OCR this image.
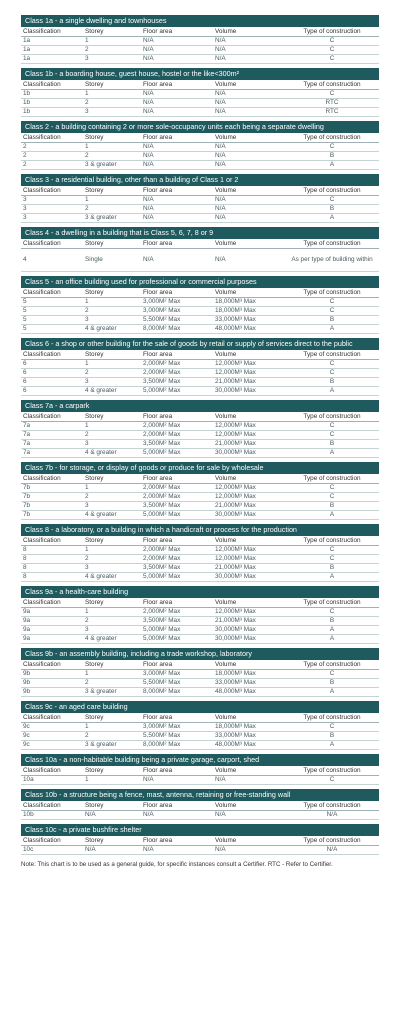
Class 1a - a single dwelling and townhouses
Classification	Storey	Floor area	Volume	Type of construction
1a	1	N/A	N/A	C
1a	2	N/A	N/A	C
1a	3	N/A	N/A	C
Class 1b - a boarding house, guest house, hostel or the like<300m²
Classification	Storey	Floor area	Volume	Type of construction
1b	1	N/A	N/A	C
1b	2	N/A	N/A	RTC
1b	3	N/A	N/A	RTC
Class 2 - a building containing 2 or more sole-occupancy units each being a separate dwelling
Classification	Storey	Floor area	Volume	Type of construction
2	1	N/A	N/A	C
2	2	N/A	N/A	B
2	3 & greater	N/A	N/A	A
Class 3 - a residential building, other than a building of Class 1 or 2
Classification	Storey	Floor area	Volume	Type of construction
3	1	N/A	N/A	C
3	2	N/A	N/A	B
3	3 & greater	N/A	N/A	A
Class 4 - a dwelling in a building that is Class 5, 6, 7, 8 or 9
Classification	Storey	Floor area	Volume	Type of construction
4	Single	N/A	N/A	As per type of building within
Class 5 - an office building used for professional or commercial purposes
Classification	Storey	Floor area	Volume	Type of construction
5	1	3,000M² Max	18,000M³ Max	C
5	2	3,000M² Max	18,000M³ Max	C
5	3	5,500M² Max	33,000M³ Max	B
5	4 & greater	8,000M² Max	48,000M³ Max	A
Class 6 - a shop or other building for the sale of goods by retail or supply of services direct to the public
Classification	Storey	Floor area	Volume	Type of construction
6	1	2,000M² Max	12,000M³ Max	C
6	2	2,000M² Max	12,000M³ Max	C
6	3	3,500M² Max	21,000M³ Max	B
6	4 & greater	5,000M² Max	30,000M³ Max	A
Class 7a - a carpark
Classification	Storey	Floor area	Volume	Type of construction
7a	1	2,000M² Max	12,000M³ Max	C
7a	2	2,000M² Max	12,000M³ Max	C
7a	3	3,500M² Max	21,000M³ Max	B
7a	4 & greater	5,000M² Max	30,000M³ Max	A
Class 7b - for storage, or display of goods or produce for sale by wholesale
Classification	Storey	Floor area	Volume	Type of construction
7b	1	2,000M² Max	12,000M³ Max	C
7b	2	2,000M² Max	12,000M³ Max	C
7b	3	3,500M² Max	21,000M³ Max	B
7b	4 & greater	5,000M² Max	30,000M³ Max	A
Class 8 - a laboratory, or a building in which a handicraft or process for the production
Classification	Storey	Floor area	Volume	Type of construction
8	1	2,000M² Max	12,000M³ Max	C
8	2	2,000M² Max	12,000M³ Max	C
8	3	3,500M² Max	21,000M³ Max	B
8	4 & greater	5,000M² Max	30,000M³ Max	A
Class 9a - a health-care building
Classification	Storey	Floor area	Volume	Type of construction
9a	1	2,000M² Max	12,000M³ Max	C
9a	2	3,500M² Max	21,000M³ Max	B
9a	3	5,000M² Max	30,000M³ Max	A
9a	4 & greater	5,000M² Max	30,000M³ Max	A
Class 9b - an assembly building, including a trade workshop, laboratory
Classification	Storey	Floor area	Volume	Type of construction
9b	1	3,000M² Max	18,000M³ Max	C
9b	2	5,500M² Max	33,000M³ Max	B
9b	3 & greater	8,000M² Max	48,000M³ Max	A
Class 9c - an aged care building
Classification	Storey	Floor area	Volume	Type of construction
9c	1	3,000M² Max	18,000M³ Max	C
9c	2	5,500M² Max	33,000M³ Max	B
9c	3 & greater	8,000M² Max	48,000M³ Max	A
Class 10a - a non-habitable building being a private garage, carport, shed
Classification	Storey	Floor area	Volume	Type of construction
10a	1	N/A	N/A	C
Class 10b - a structure being a fence, mast, antenna, retaining or free-standing wall
Classification	Storey	Floor area	Volume	Type of construction
10b	N/A	N/A	N/A	N/A
Class 10c - a private bushfire shelter
Classification	Storey	Floor area	Volume	Type of construction
10c	N/A	N/A	N/A	N/A
Note: This chart is to be used as a general guide, for specific instances consult a Certifier. RTC - Refer to Certifier.
